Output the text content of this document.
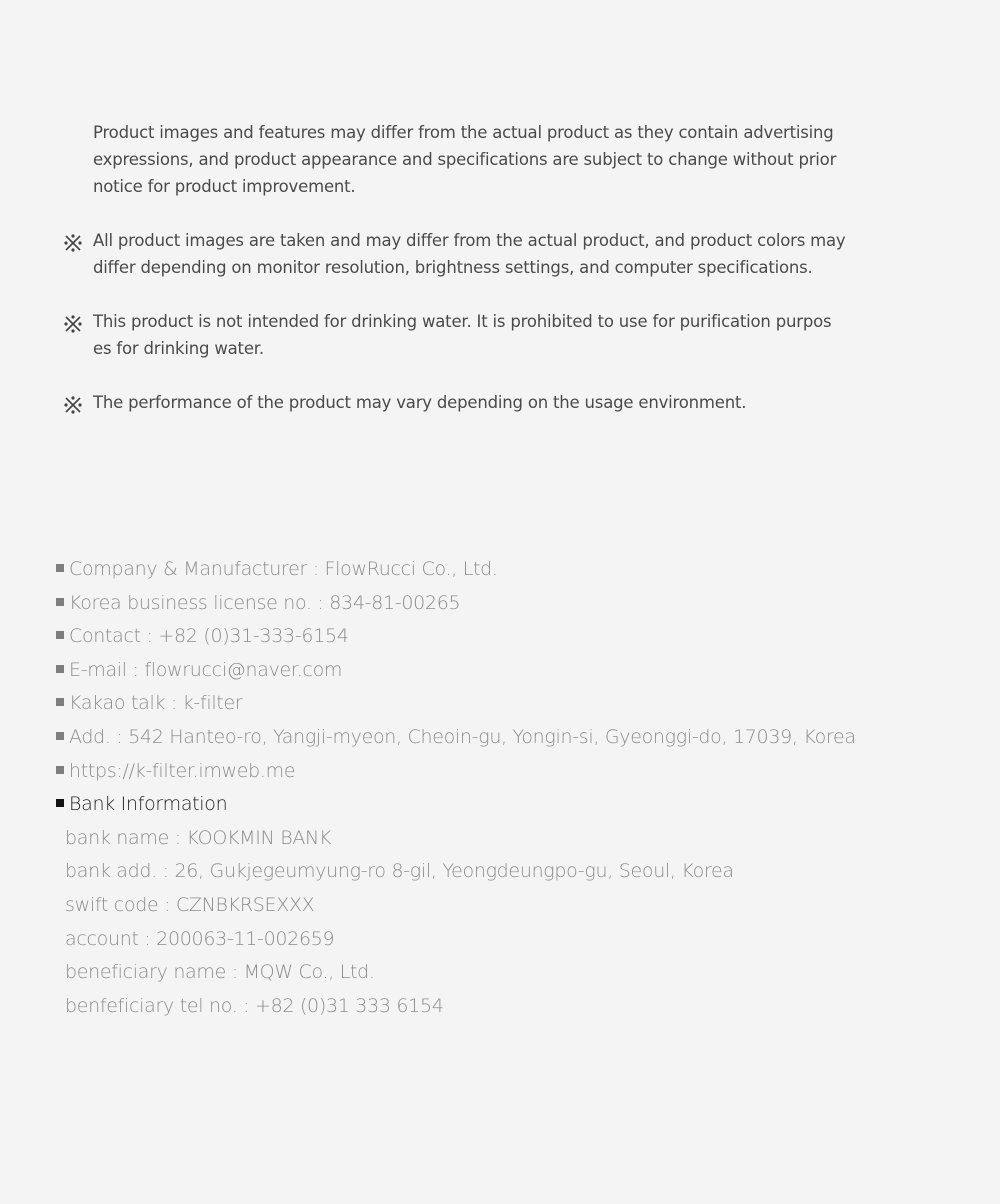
Product images and features may differ from the actual product as they contain advertising
expressions, and product appearance and specifications are subject to change without prior
notice for product improvement.
All product images are taken and may differ from the actual product, and product colors may
differ depending on monitor resolution, brightness settings, and computer specifications.
This product is not intended for drinking water. It is prohibited to use for purification purpos
es for drinking water.
The performance of the product may vary depending on the usage environment.
Company & Manufacturer : FlowRucci Co., Ltd.
Korea business license no. : 834-81-00265
Contact : +82 (0)31-333-6154
E-mail : flowrucci@naver.com
Kakao talk : k-filter
Add. : 542 Hanteo-ro, Yangji-myeon, Cheoin-gu, Yongin-si, Gyeonggi-do, 17039, Korea
https://k-filter.imweb.me
Bank Information
bank name : KOOKMIN BANK
bank add. : 26, Gukjegeumyung-ro 8-gil, Yeongdeungpo-gu, Seoul, Korea
swift code : CZNBKRSEXXX
account : 200063-11-002659
beneficiary name : MQW Co., Ltd.
benfeficiary tel no. : +82 (0)31 333 6154
